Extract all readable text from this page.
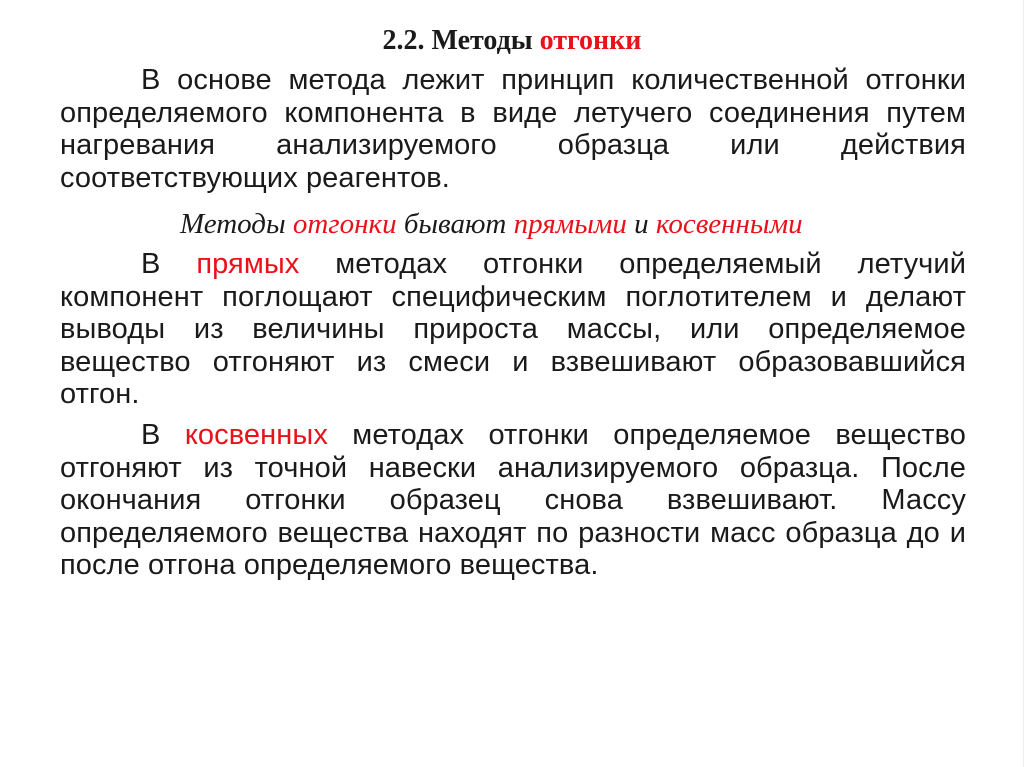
2.2. Методы отгонки

В основе метода лежит принцип количественной отгонки определяемого компонента в виде летучего соединения путем нагревания анализируемого образца или действия соответствующих реагентов.

Методы отгонки бывают прямыми и косвенными

В прямых методах отгонки определяемый летучий компонент поглощают специфическим поглотителем и делают выводы из величины прироста массы, или определяемое вещество отгоняют из смеси и взвешивают образовавшийся отгон.

В косвенных методах отгонки определяемое вещество отгоняют из точной навески анализируемого образца. После окончания отгонки образец снова взвешивают. Массу определяемого вещества находят по разности масс образца до и после отгона определяемого вещества.
